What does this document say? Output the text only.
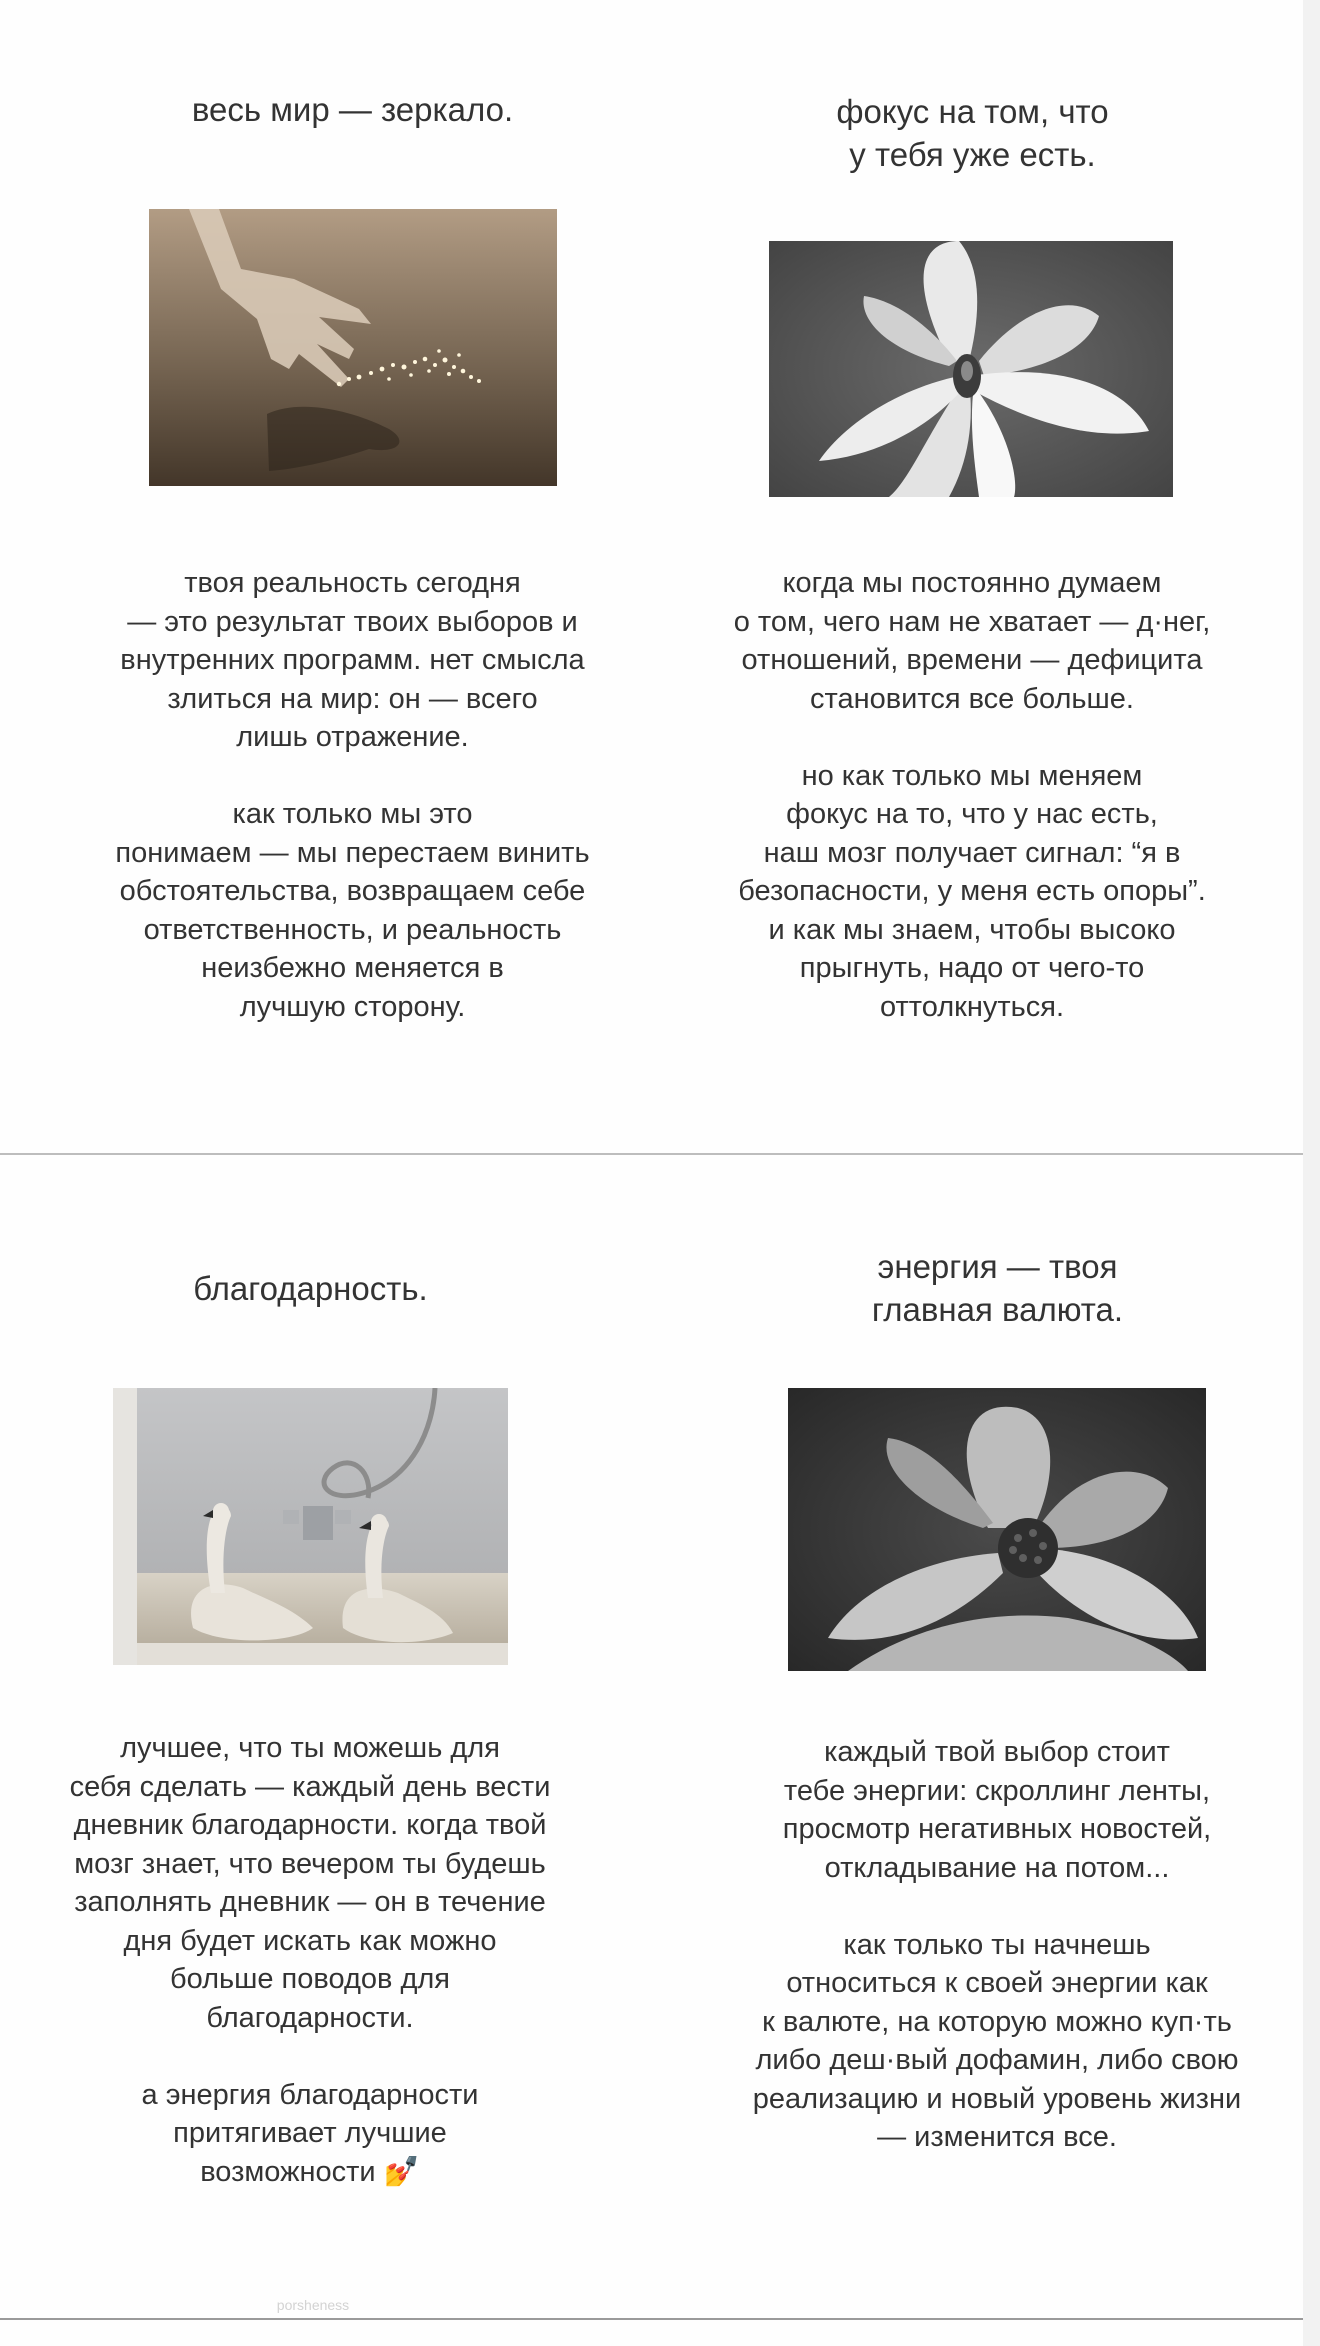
весь мир — зеркало.
твоя реальность сегодня
— это результат твоих выборов и
внутренних программ. нет смысла
злиться на мир: он — всего
лишь отражение.

как только мы это
понимаем — мы перестаем винить
обстоятельства, возвращаем себе
ответственность, и реальность
неизбежно меняется в
лучшую сторону.
фокус на том, что
у тебя уже есть.
когда мы постоянно думаем
о том, чего нам не хватает — д·нег,
отношений, времени — дефицита
становится все больше.

но как только мы меняем
фокус на то, что у нас есть,
наш мозг получает сигнал: “я в
безопасности, у меня есть опоры”.
и как мы знаем, чтобы высоко
прыгнуть, надо от чего-то
оттолкнуться.
благодарность.
лучшее, что ты можешь для
себя сделать — каждый день вести
дневник благодарности. когда твой
мозг знает, что вечером ты будешь
заполнять дневник — он в течение
дня будет искать как можно
больше поводов для
благодарности.

а энергия благодарности
притягивает лучшие
возможности 💅
энергия — твоя
главная валюта.
каждый твой выбор стоит
тебе энергии: скроллинг ленты,
просмотр негативных новостей,
откладывание на потом...

как только ты начнешь
относиться к своей энергии как
к валюте, на которую можно куп·ть
либо деш·вый дофамин, либо свою
реализацию и новый уровень жизни
— изменится все.
porsheness
